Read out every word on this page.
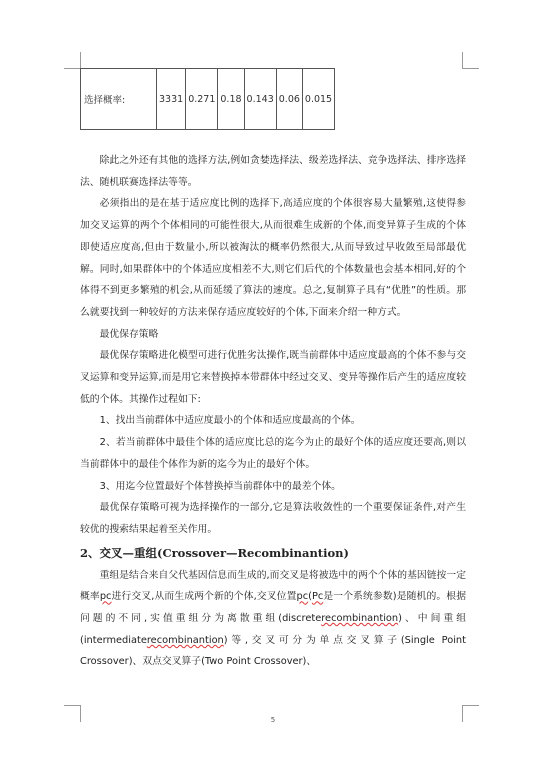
选择概率:	3331	0.271	0.18	0.143	0.06	0.015

除此之外还有其他的选择方法,例如贪婪选择法、级差选择法、竞争选择法、排序选择法、随机联赛选择法等等。

必须指出的是在基于适应度比例的选择下,高适应度的个体很容易大量繁殖,这使得参加交叉运算的两个个体相同的可能性很大,从而很难生成新的个体,而变异算子生成的个体即使适应度高,但由于数量小,所以被淘汰的概率仍然很大,从而导致过早收敛至局部最优解。同时,如果群体中的个体适应度相差不大,则它们后代的个体数量也会基本相同,好的个体得不到更多繁殖的机会,从而延缓了算法的速度。总之,复制算子具有“优胜”的性质。那么就要找到一种较好的方法来保存适应度较好的个体,下面来介绍一种方式。

最优保存策略

最优保存策略进化模型可进行优胜劣汰操作,既当前群体中适应度最高的个体不参与交叉运算和变异运算,而是用它来替换掉本带群体中经过交叉、变异等操作后产生的适应度较低的个体。其操作过程如下:

1、找出当前群体中适应度最小的个体和适应度最高的个体。

2、若当前群体中最佳个体的适应度比总的迄今为止的最好个体的适应度还要高,则以当前群体中的最佳个体作为新的迄今为止的最好个体。

3、用迄今位置最好个体替换掉当前群体中的最差个体。

最优保存策略可视为选择操作的一部分,它是算法收敛性的一个重要保证条件,对产生较优的搜索结果起着至关作用。

2、交叉—重组(Crossover—Recombinantion)

重组是结合来自父代基因信息而生成的,而交叉是将被选中的两个个体的基因链按一定概率pc进行交叉,从而生成两个新的个体,交叉位置pc(Pc是一个系统参数)是随机的。根据问题的不同,实值重组分为离散重组(discreterecombinantion)、中间重组(intermediaterecombinantion)等,交叉可分为单点交叉算子(Single Point Crossover)、双点交叉算子(Two Point Crossover)、

5
